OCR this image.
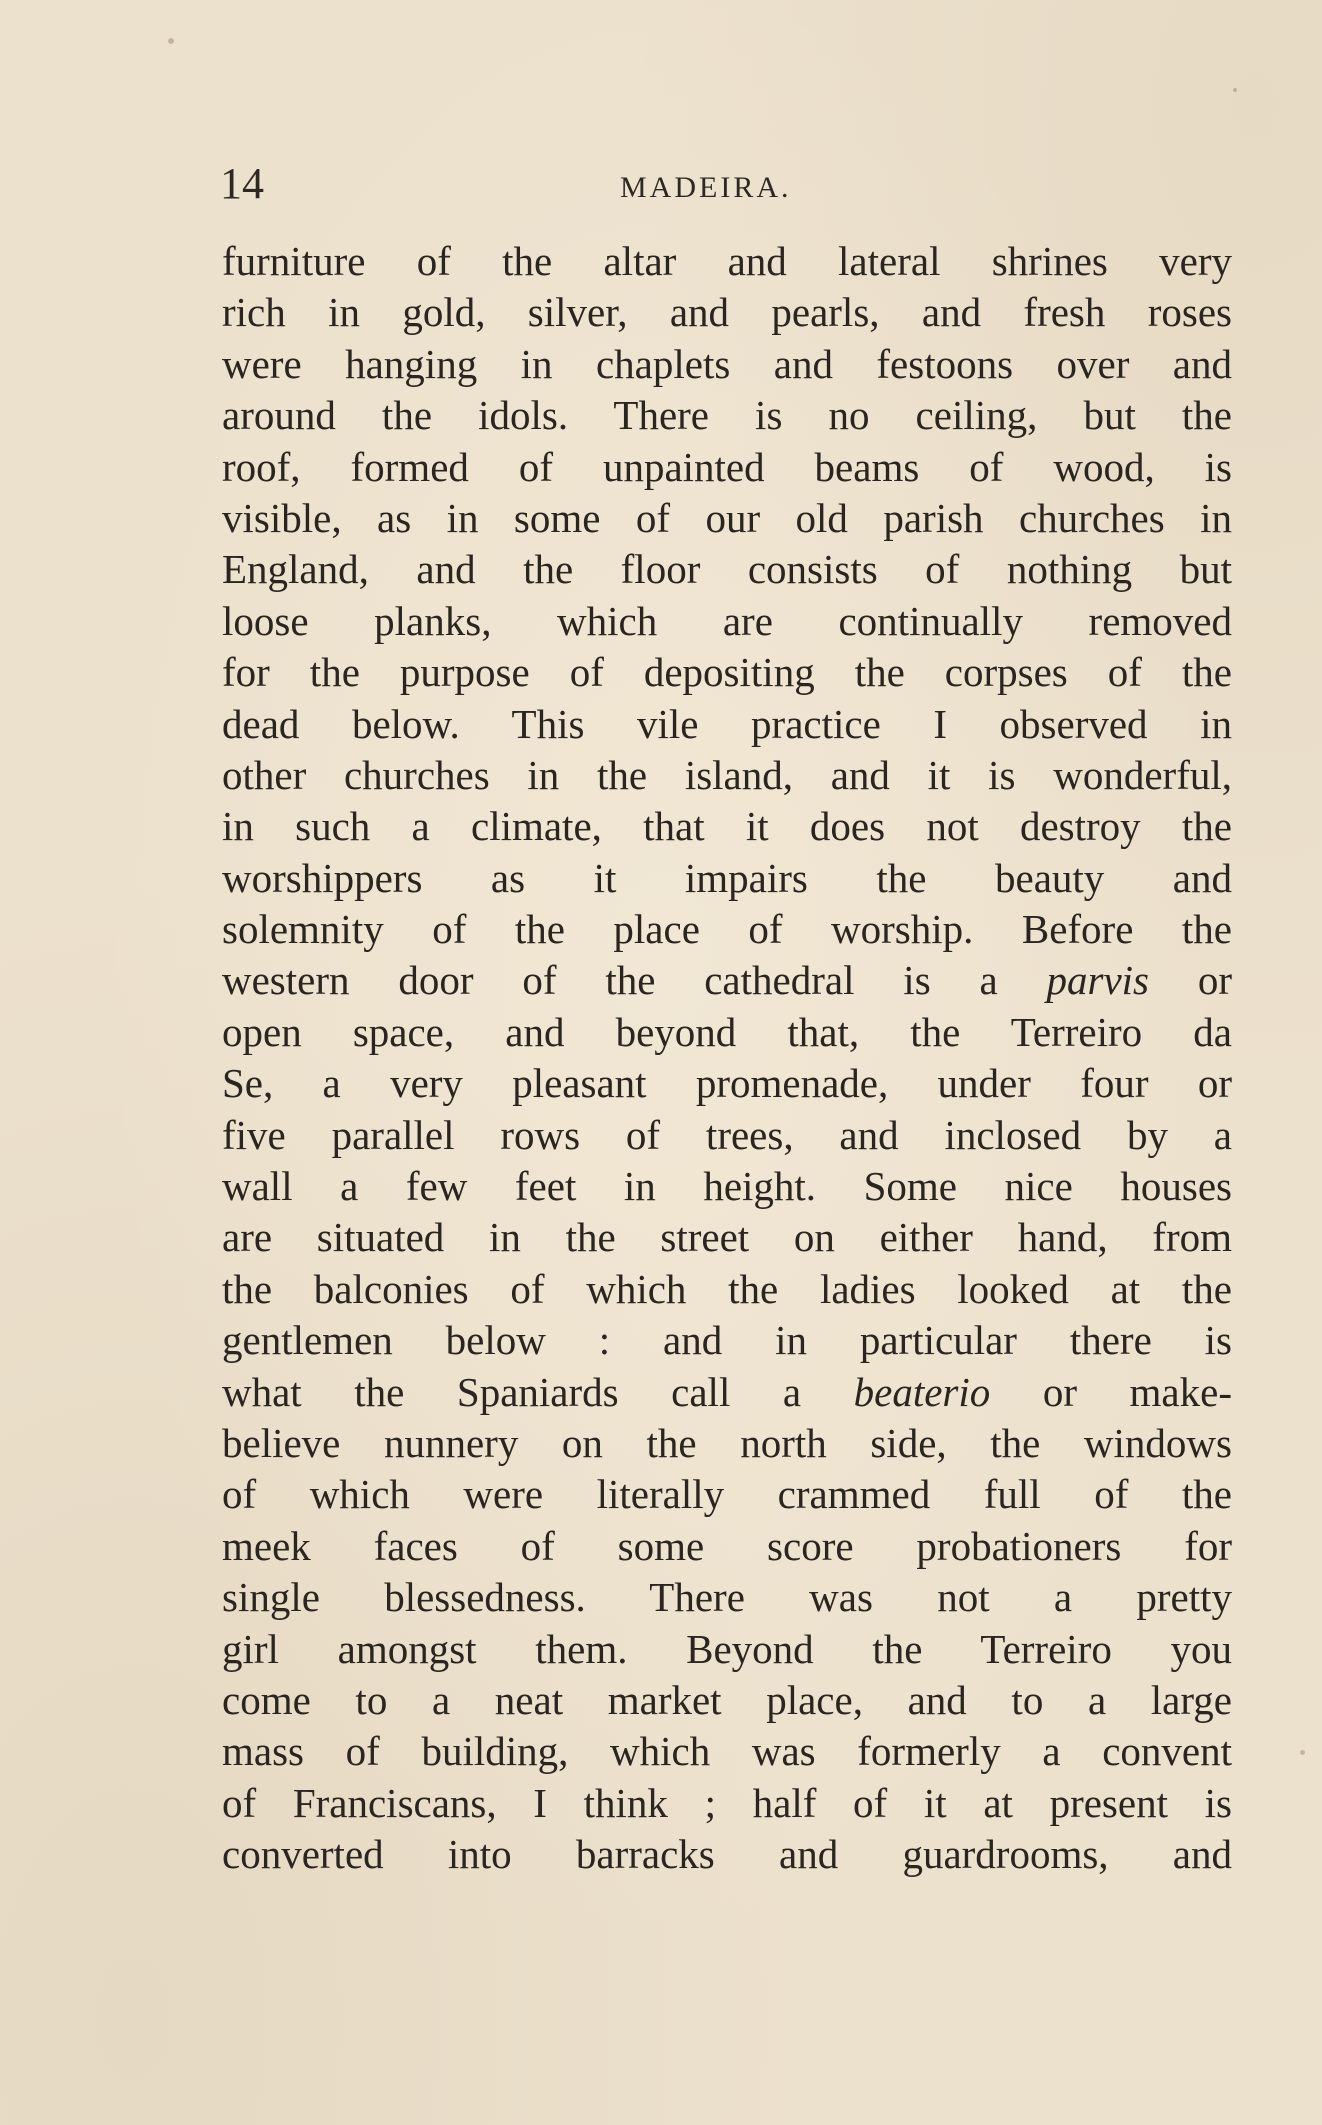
14	MADEIRA.
furniture of the altar and lateral shrines very
rich in gold, silver, and pearls, and fresh roses
were hanging in chaplets and festoons over and
around the idols. There is no ceiling, but the
roof, formed of unpainted beams of wood, is
visible, as in some of our old parish churches in
England, and the floor consists of nothing but
loose planks, which are continually removed
for the purpose of depositing the corpses of the
dead below. This vile practice I observed in
other churches in the island, and it is wonderful,
in such a climate, that it does not destroy the
worshippers as it impairs the beauty and
solemnity of the place of worship. Before the
western door of the cathedral is a parvis or
open space, and beyond that, the Terreiro da
Se, a very pleasant promenade, under four or
five parallel rows of trees, and inclosed by a
wall a few feet in height. Some nice houses
are situated in the street on either hand, from
the balconies of which the ladies looked at the
gentlemen below : and in particular there is
what the Spaniards call a beaterio or make-
believe nunnery on the north side, the windows
of which were literally crammed full of the
meek faces of some score probationers for
single blessedness. There was not a pretty
girl amongst them. Beyond the Terreiro you
come to a neat market place, and to a large
mass of building, which was formerly a convent
of Franciscans, I think ; half of it at present is
converted into barracks and guardrooms, and
